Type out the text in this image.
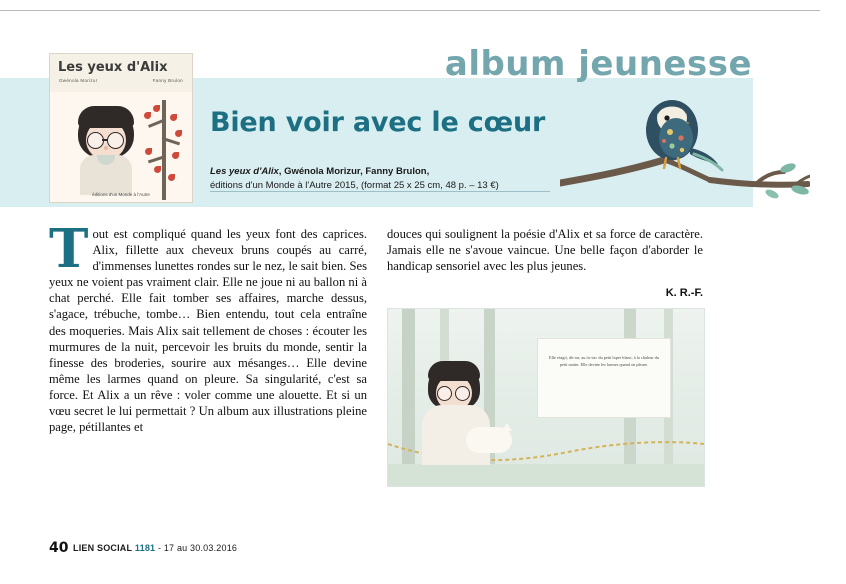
album jeunesse
Les yeux d'Alix
Gwénola Morizur	Fanny Brulon
éditions d'un Monde à l'Autre
Bien voir avec le cœur
Les yeux d'Alix, Gwénola Morizur, Fanny Brulon,
éditions d'un Monde à l'Autre 2015, (format 25 x 25 cm, 48 p. – 13 €)
Tout est compliqué quand les yeux font des caprices. Alix, fillette aux cheveux bruns coupés au carré, d'immenses lunettes rondes sur le nez, le sait bien. Ses yeux ne voient pas vraiment clair. Elle ne joue ni au ballon ni à chat perché. Elle fait tomber ses affaires, marche dessus, s'agace, trébuche, tombe… Bien entendu, tout cela entraîne des moqueries. Mais Alix sait tellement de choses : écouter les murmures de la nuit, percevoir les bruits du monde, sentir la finesse des broderies, sourire aux mésanges… Elle devine même les larmes quand on pleure. Sa singularité, c'est sa force. Et Alix a un rêve : voler comme une alouette. Et si un vœu secret le lui permettait ? Un album aux illustrations pleine page, pétillantes et
douces qui soulignent la poésie d'Alix et sa force de caractère. Jamais elle ne s'avoue vaincue. Une belle façon d'aborder le handicap sensoriel avec les plus jeunes.
K. R.-F.
Elle réagit, dit-on, au tic-tac du petit loper blanc, à la chaleur du petit matin. Elle devine les larmes quand on pleure.
40 LIEN SOCIAL 1181 - 17 au 30.03.2016
